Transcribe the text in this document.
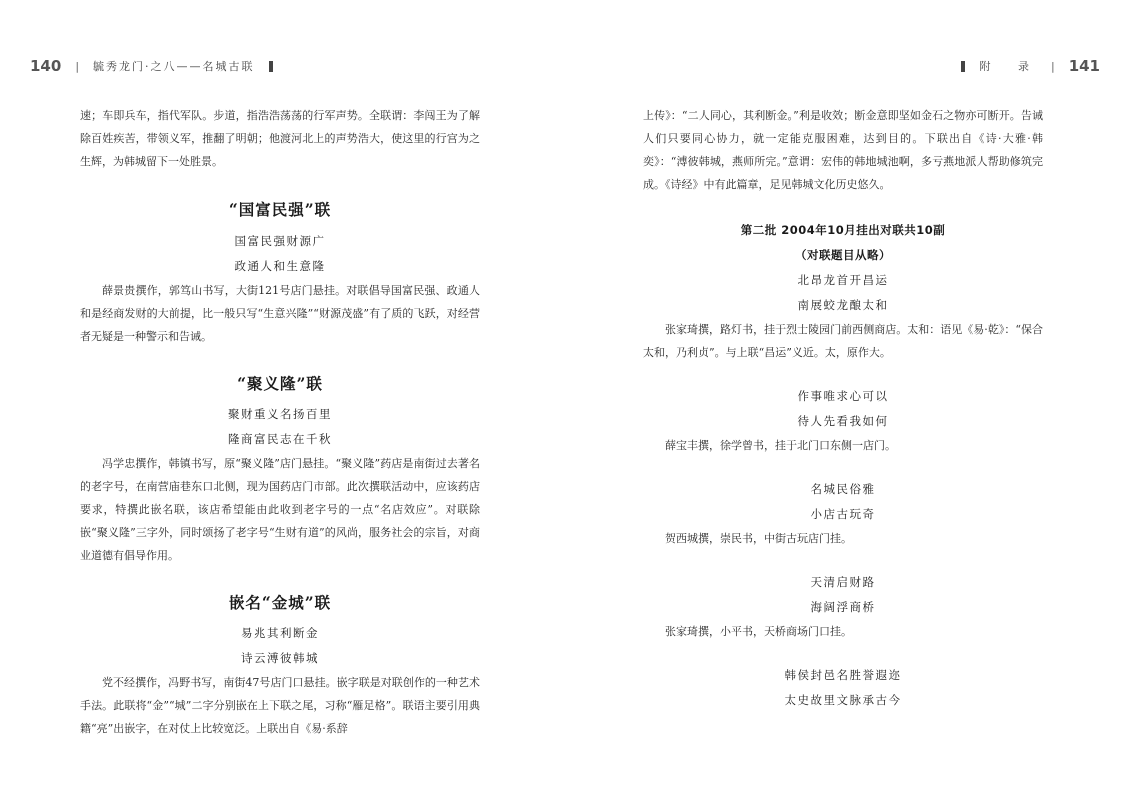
140 | 毓秀龙门·之八——名城古联

速；车即兵车，指代军队。步道，指浩浩荡荡的行军声势。全联谓：李闯王为了解除百姓疾苦，带领义军，推翻了明朝；他渡河北上的声势浩大，使这里的行宫为之生辉，为韩城留下一处胜景。

“国富民强”联
国富民强财源广
政通人和生意隆

薛景贵撰作，郭笃山书写，大街121号店门悬挂。对联倡导国富民强、政通人和是经商发财的大前提，比一般只写“生意兴隆”“财源茂盛”有了质的飞跃，对经营者无疑是一种警示和告诫。

“聚义隆”联
聚财重义名扬百里
隆商富民志在千秋

冯学忠撰作，韩镇书写，原“聚义隆”店门悬挂。“聚义隆”药店是南街过去著名的老字号，在南营庙巷东口北侧，现为国药店门市部。此次撰联活动中，应该药店要求，特撰此嵌名联，该店希望能由此收到老字号的一点“名店效应”。对联除嵌“聚义隆”三字外，同时颂扬了老字号“生财有道”的风尚，服务社会的宗旨，对商业道德有倡导作用。

嵌名“金城”联
易兆其利断金
诗云溥彼韩城

党不经撰作，冯野书写，南街47号店门口悬挂。嵌字联是对联创作的一种艺术手法。此联将“金”“城”二字分别嵌在上下联之尾，习称“雁足格”。联语主要引用典籍“亮”出嵌字，在对仗上比较宽泛。上联出自《易·系辞

附 录 | 141

上传》：“二人同心，其利断金。”利是收效；断金意即坚如金石之物亦可断开。告诫人们只要同心协力，就一定能克服困难，达到目的。下联出自《诗·大雅·韩奕》：“溥彼韩城，燕师所完。”意谓：宏伟的韩地城池啊，多亏燕地派人帮助修筑完成。《诗经》中有此篇章，足见韩城文化历史悠久。

第二批 2004年10月挂出对联共10副
（对联题目从略）
北昂龙首开昌运
南展蛟龙酿太和

张家琦撰，路灯书，挂于烈士陵园门前西侧商店。太和：语见《易·乾》：“保合太和，乃利贞”。与上联“昌运”义近。太，原作大。

作事唯求心可以
待人先看我如何

薛宝丰撰，徐学曾书，挂于北门口东侧一店门。

名城民俗雅
小店古玩奇

贺西城撰，崇民书，中街古玩店门挂。

天清启财路
海阔浮商桥

张家琦撰，小平书，天桥商场门口挂。

韩侯封邑名胜誉遐迩
太史故里文脉承古今
